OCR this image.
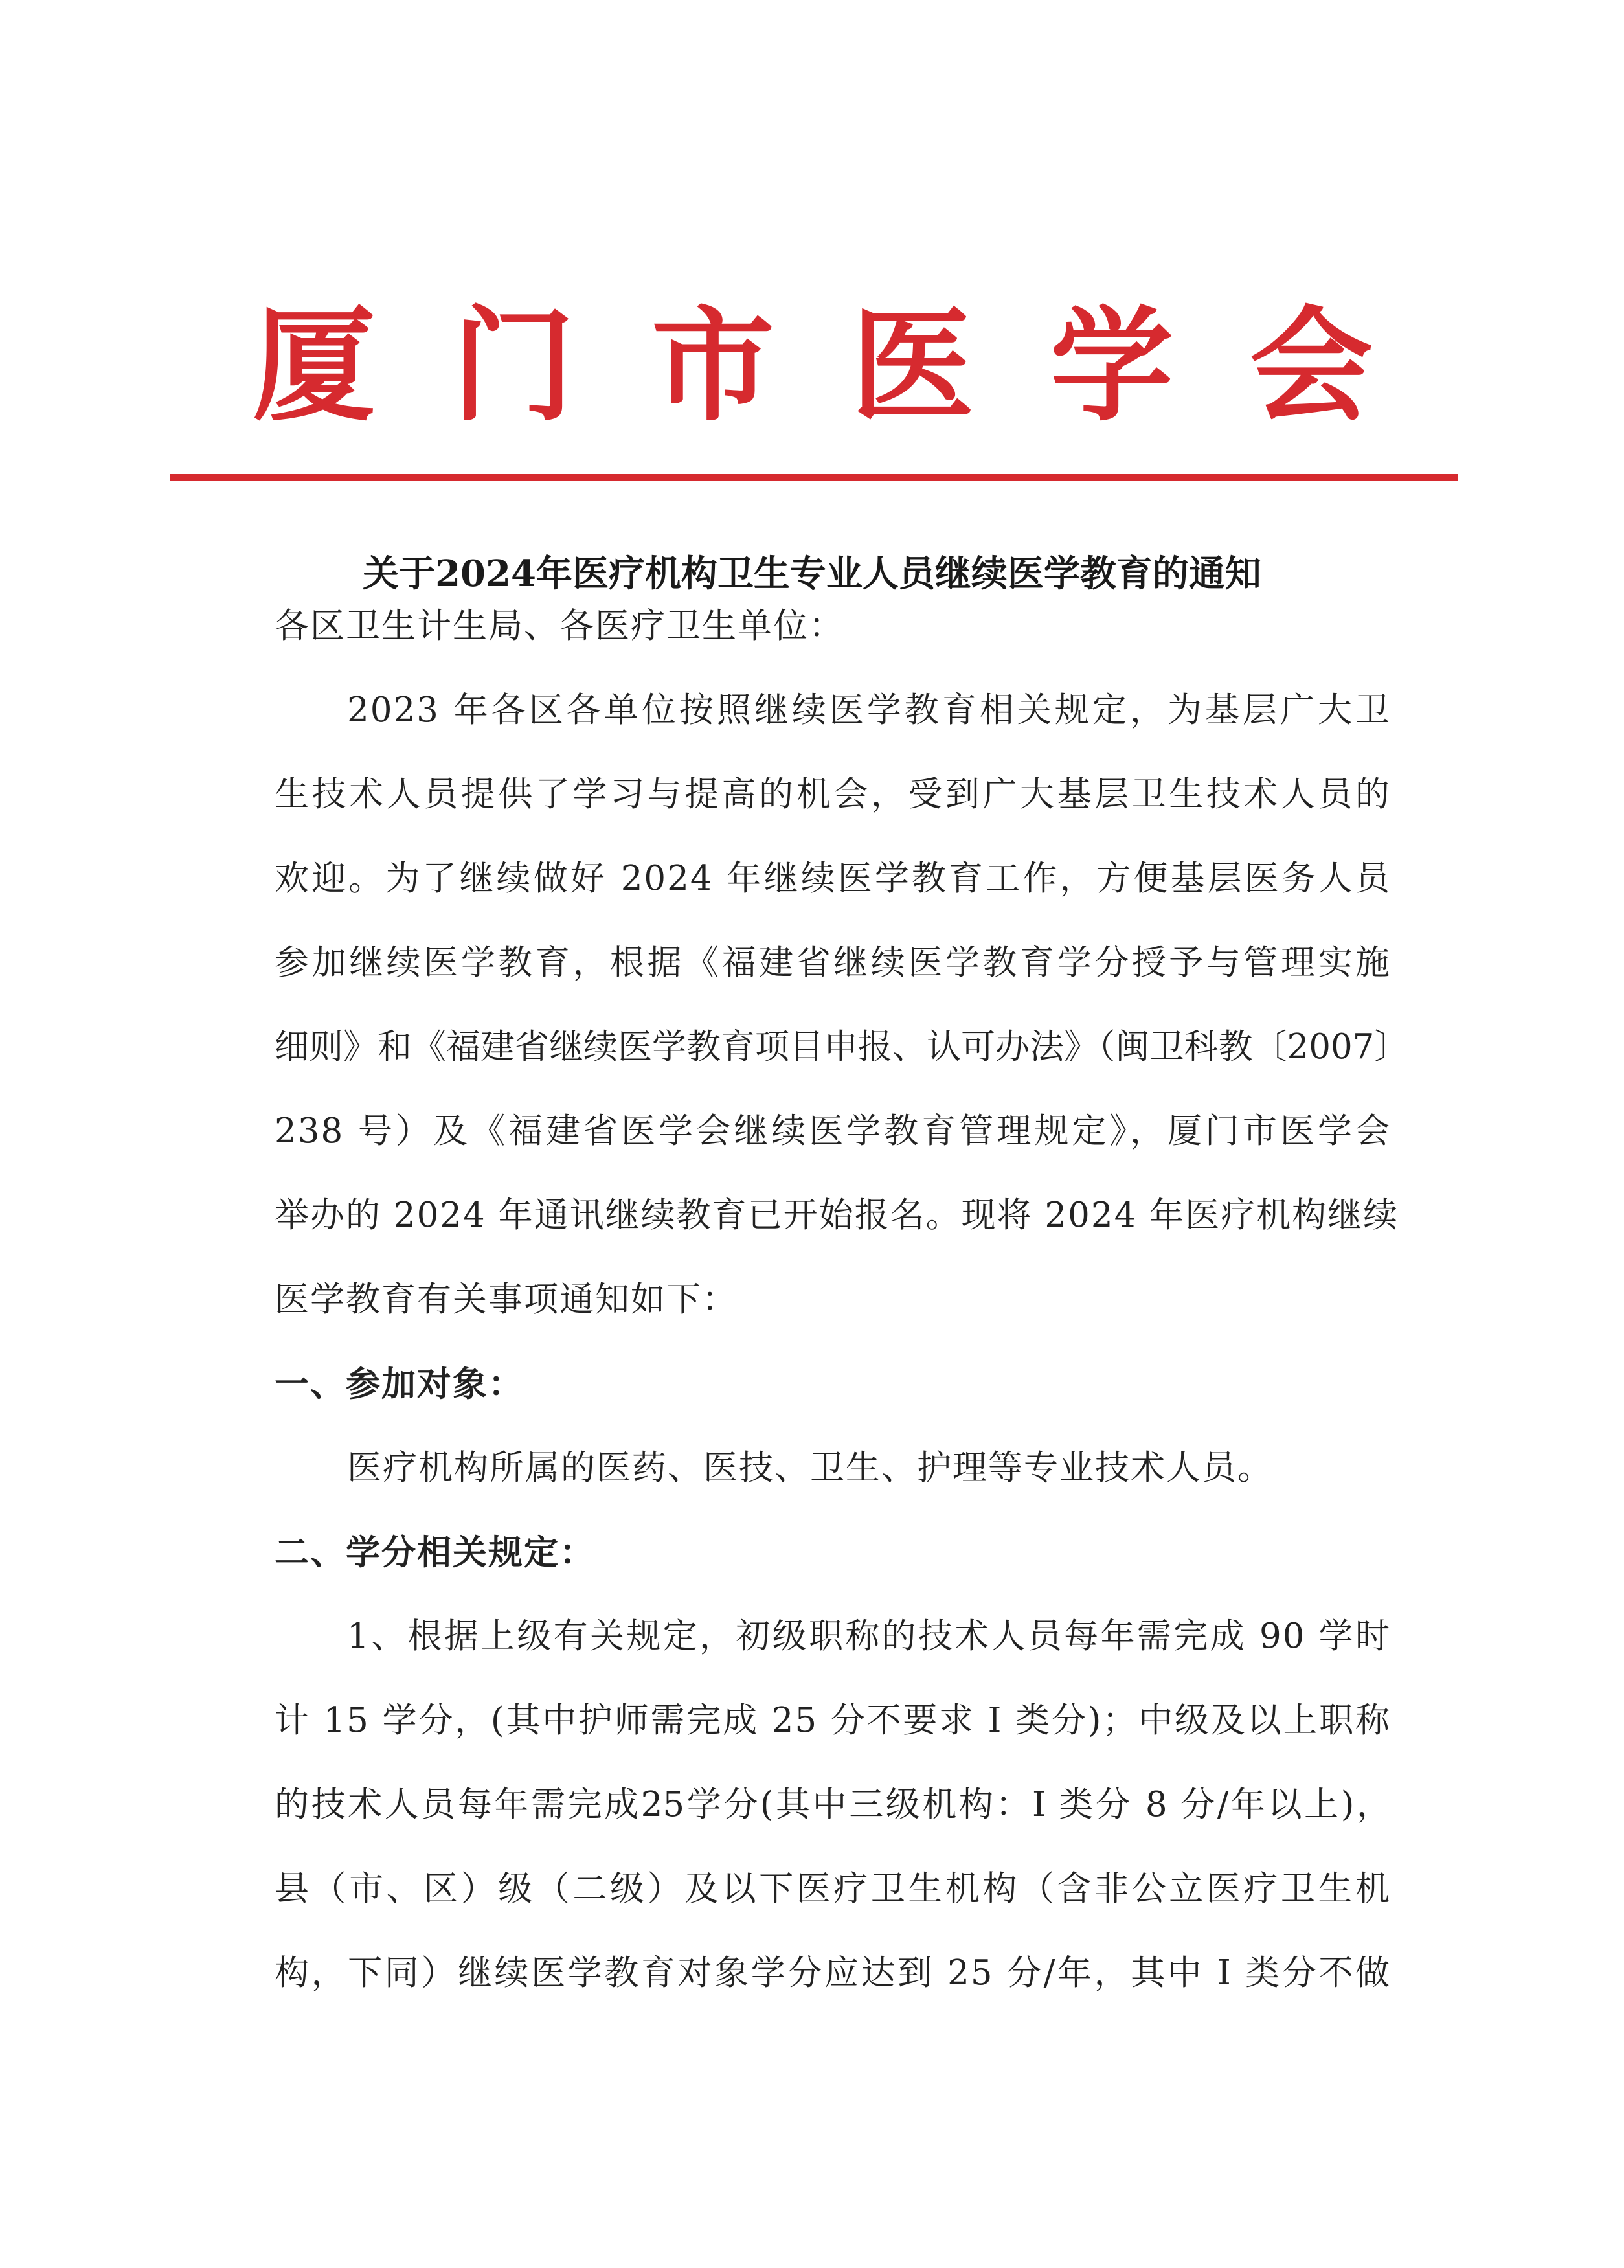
厦 门 市 医 学 会
关于2024年医疗机构卫生专业人员继续医学教育的通知
各区卫生计生局、各医疗卫生单位：
2023 年各区各单位按照继续医学教育相关规定，为基层广大卫
生技术人员提供了学习与提高的机会，受到广大基层卫生技术人员的
欢迎。为了继续做好 2024 年继续医学教育工作，方便基层医务人员
参加继续医学教育，根据《福建省继续医学教育学分授予与管理实施
细则》和《福建省继续医学教育项目申报、认可办法》（闽卫科教〔2007〕
238 号）及《福建省医学会继续医学教育管理规定》，厦门市医学会
举办的 2024 年通讯继续教育已开始报名。现将 2024 年医疗机构继续
医学教育有关事项通知如下：
一、参加对象：
医疗机构所属的医药、医技、卫生、护理等专业技术人员。
二、学分相关规定：
1、根据上级有关规定，初级职称的技术人员每年需完成 90 学时
计 15 学分，(其中护师需完成 25 分不要求 I 类分)；中级及以上职称
的技术人员每年需完成25学分(其中三级机构：I 类分 8 分/年以上)，
县（市、区）级（二级）及以下医疗卫生机构（含非公立医疗卫生机
构，下同）继续医学教育对象学分应达到 25 分/年，其中 I 类分不做
